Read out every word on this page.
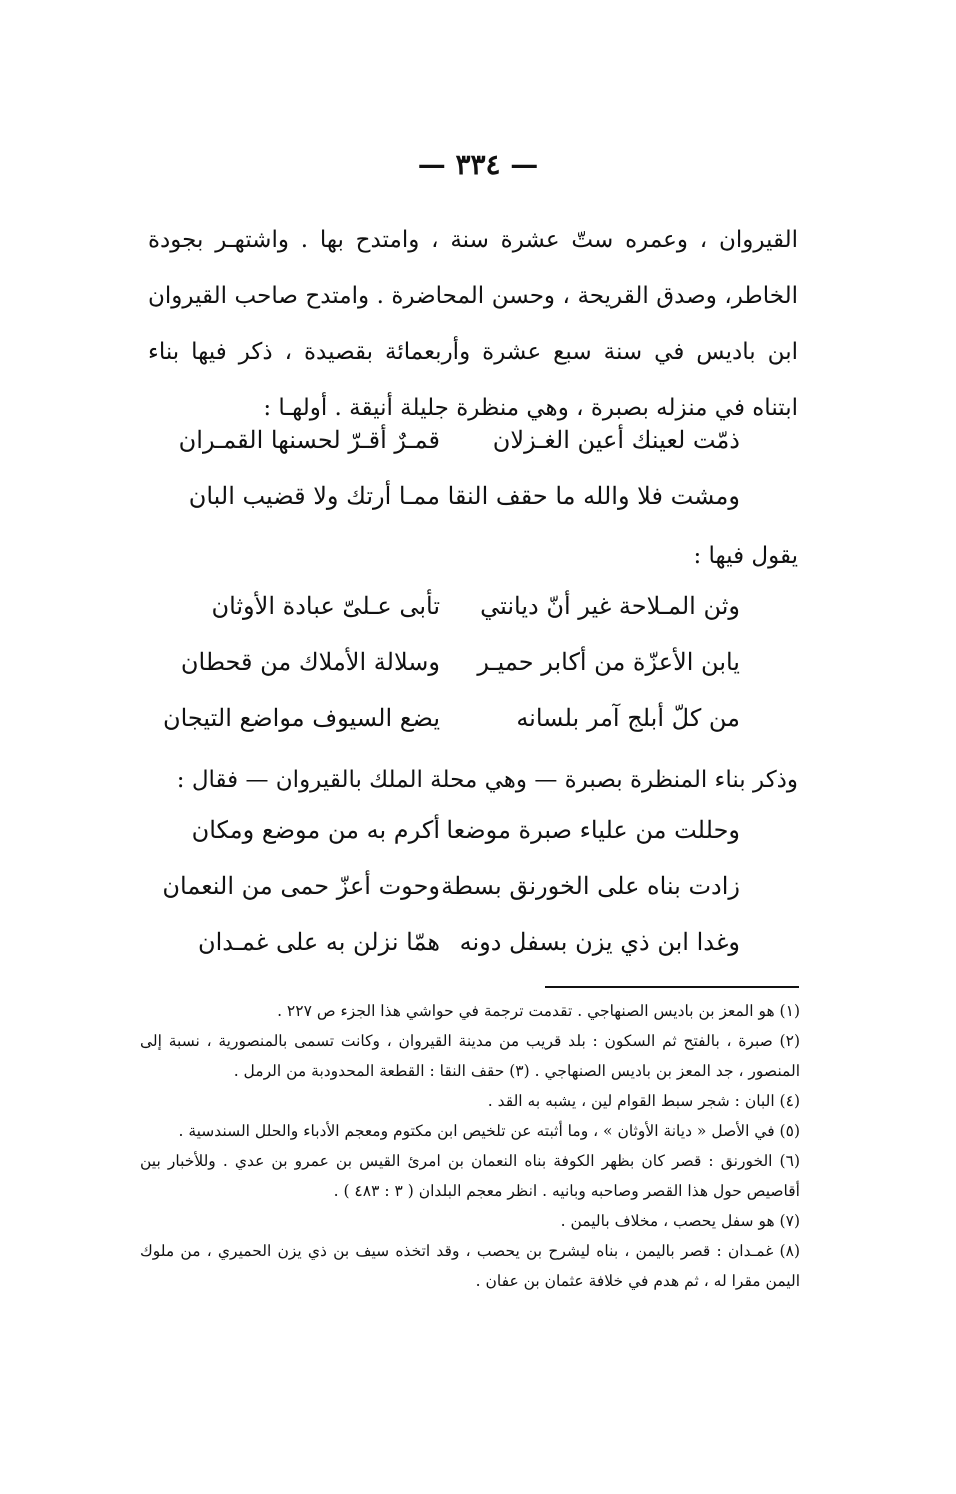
— ٣٣٤ —

القيروان ، وعمره ستّ عشرة سنة ، وامتدح بها . واشتهـر بجودة الخاطر، وصدق القريحة ، وحسن المحاضرة . وامتدح صاحب القيروان ابن باديس في سنة سبع عشرة وأربعمائة بقصيدة ، ذكر فيها بناء ابتناه في منزله بصبرة ، وهي منظرة جليلة أنيقة . أولهـا :

ذمّت لعينك أعين الغـزلان
قمـرٌ أقـرّ لحسنها القمـران
ومشت فلا والله ما حقف النقا
ممـا أرتك ولا قضيب البان
يقول فيها :
وثن المـلاحة غير أنّ ديانتي
تأبى عـلىّ عبادة الأوثان
يابن الأعزّة من أكابر حميـر
وسلالة الأملاك من قحطان
من كلّ أبلج آمر بلسانه
يضع السيوف مواضع التيجان
وذكر بناء المنظرة بصبرة — وهي محلة الملك بالقيروان — فقال :
وحللت من علياء صبرة موضعا
أكرم به من موضع ومكان
زادت بناه على الخورنق بسطة
وحوت أعزّ حمى من النعمان
وغدا ابن ذي يزن بسفل دونه
همّا نزلن به على غمـدان

(١) هو المعز بن باديس الصنهاجي . تقدمت ترجمة في حواشي هذا الجزء ص ٢٢٧ .

(٢) صبرة ، بالفتح ثم السكون : بلد قريب من مدينة القيروان ، وكانت تسمى بالمنصورية ، نسبة إلى المنصور ، جد المعز بن باديس الصنهاجي . (٣) حقف النقا : القطعة المحدودبة من الرمل .

(٤) البان : شجر سبط القوام لين ، يشبه به القد .

(٥) في الأصل « ديانة الأوثان » ، وما أثبته عن تلخيص ابن مكتوم ومعجم الأدباء والحلل السندسية .

(٦) الخورنق : قصر كان بظهر الكوفة بناه النعمان بن امرئ القيس بن عمرو بن عدي . وللأخبار بين أقاصيص حول هذا القصر وصاحبه وبانيه . انظر معجم البلدان ( ٣ : ٤٨٣ ) .

(٧) هو سفل يحصب ، مخلاف باليمن .

(٨) غمـدان : قصر باليمن ، بناه ليشرح بن يحصب ، وقد اتخذه سيف بن ذي يزن الحميري ، من ملوك اليمن مقرا له ، ثم هدم في خلافة عثمان بن عفان .
